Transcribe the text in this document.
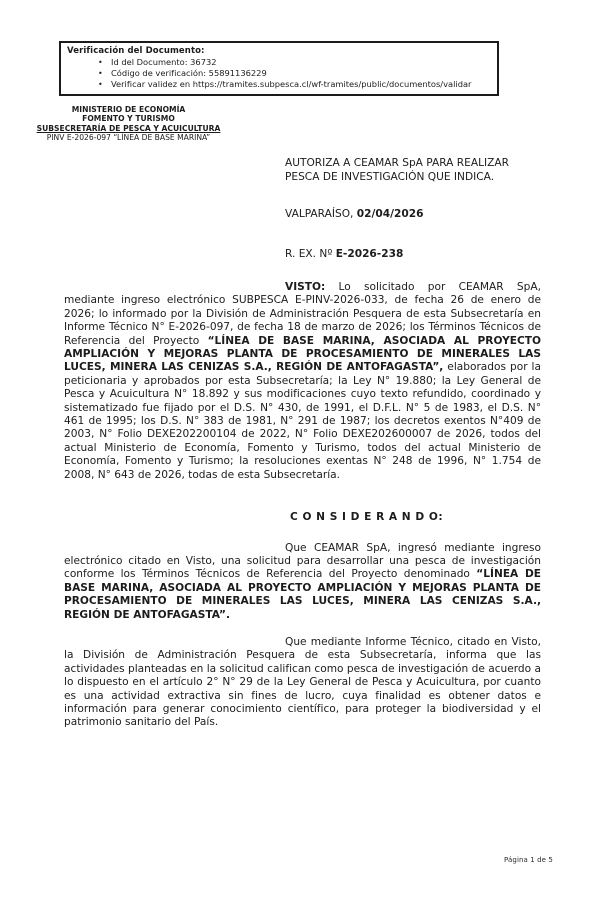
Verificación del Documento:
• Id del Documento: 36732
• Código de verificación: 55891136229
• Verificar validez en https://tramites.subpesca.cl/wf-tramites/public/documentos/validar
MINISTERIO DE ECONOMÍA
FOMENTO Y TURISMO
SUBSECRETARÍA DE PESCA Y ACUICULTURA
PINV E-2026-097 “LÍNEA DE BASE MARINA”
AUTORIZA A CEAMAR SpA PARA REALIZAR PESCA DE INVESTIGACIÓN QUE INDICA.
VALPARAÍSO, 02/04/2026
R. EX. Nº E-2026-238

VISTO: Lo solicitado por CEAMAR SpA, mediante ingreso electrónico SUBPESCA E-PINV-2026-033, de fecha 26 de enero de 2026; lo informado por la División de Administración Pesquera de esta Subsecretaría en Informe Técnico N° E-2026-097, de fecha 18 de marzo de 2026; los Términos Técnicos de Referencia del Proyecto “LÍNEA DE BASE MARINA, ASOCIADA AL PROYECTO AMPLIACIÓN Y MEJORAS PLANTA DE PROCESAMIENTO DE MINERALES LAS LUCES, MINERA LAS CENIZAS S.A., REGIÓN DE ANTOFAGASTA”, elaborados por la peticionaria y aprobados por esta Subsecretaría; la Ley N° 19.880; la Ley General de Pesca y Acuicultura N° 18.892 y sus modificaciones cuyo texto refundido, coordinado y sistematizado fue fijado por el D.S. N° 430, de 1991, el D.F.L. N° 5 de 1983, el D.S. N° 461 de 1995; los D.S. N° 383 de 1981, N° 291 de 1987; los decretos exentos N°409 de 2003, N° Folio DEXE202200104 de 2022, N° Folio DEXE202600007 de 2026, todos del actual Ministerio de Economía, Fomento y Turismo, todos del actual Ministerio de Economía, Fomento y Turismo; la resoluciones exentas N° 248 de 1996, N° 1.754 de 2008, N° 643 de 2026, todas de esta Subsecretaría.

C O N S I D E R A N D O:

Que CEAMAR SpA, ingresó mediante ingreso electrónico citado en Visto, una solicitud para desarrollar una pesca de investigación conforme los Términos Técnicos de Referencia del Proyecto denominado “LÍNEA DE BASE MARINA, ASOCIADA AL PROYECTO AMPLIACIÓN Y MEJORAS PLANTA DE PROCESAMIENTO DE MINERALES LAS LUCES, MINERA LAS CENIZAS S.A., REGIÓN DE ANTOFAGASTA”.

Que mediante Informe Técnico, citado en Visto, la División de Administración Pesquera de esta Subsecretaría, informa que las actividades planteadas en la solicitud califican como pesca de investigación de acuerdo a lo dispuesto en el artículo 2° N° 29 de la Ley General de Pesca y Acuicultura, por cuanto es una actividad extractiva sin fines de lucro, cuya finalidad es obtener datos e información para generar conocimiento científico, para proteger la biodiversidad y el patrimonio sanitario del País.

Página 1 de 5
